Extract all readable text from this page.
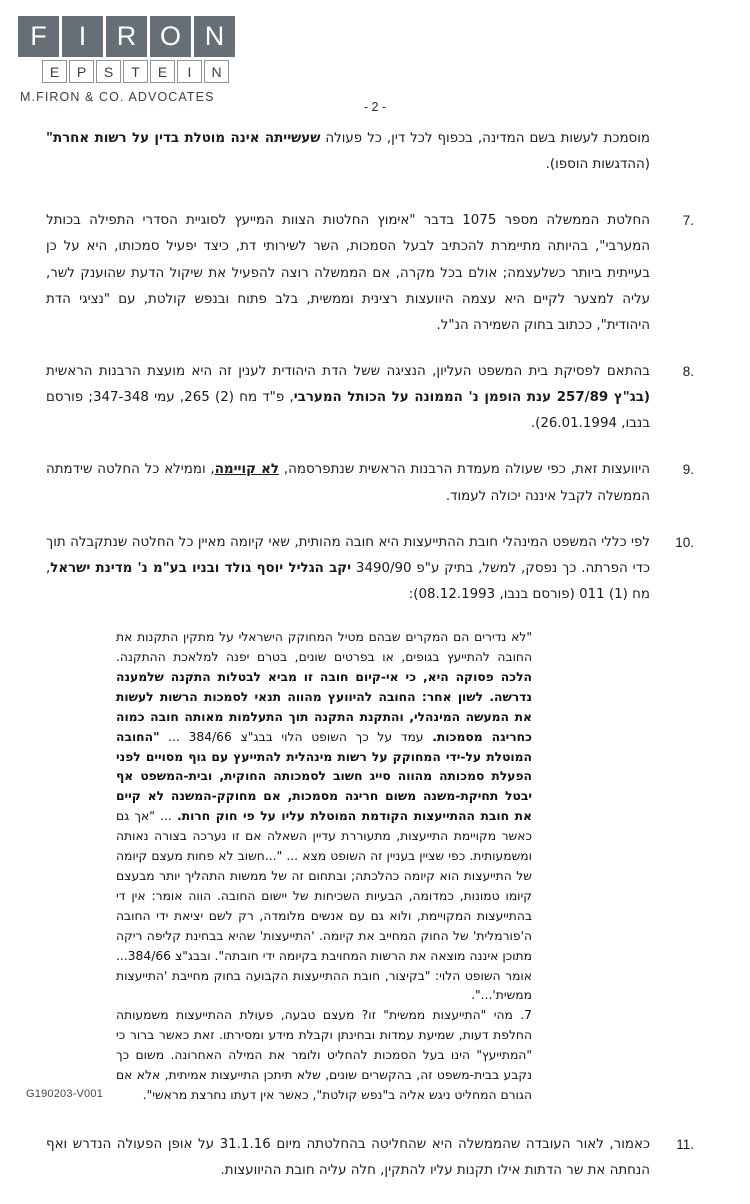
F	I	R O N
E	P	S	T	E	I	N
M.FIRON & CO. ADVOCATES
- 2 -

מוסמכת לעשות בשם המדינה, בכפוף לכל דין, כל פעולה שעשייתה אינה מוטלת בדין על רשות אחרת" (ההדגשות הוספו).

7.
החלטת הממשלה מספר 1075 בדבר "אימוץ החלטות הצוות המייעץ לסוגיית הסדרי התפילה בכותל המערבי", בהיותה מתיימרת להכתיב לבעל הסמכות, השר לשירותי דת, כיצד יפעיל סמכותו, היא על כן בעייתית ביותר כשלעצמה; אולם בכל מקרה, אם הממשלה רוצה להפעיל את שיקול הדעת שהוענק לשר, עליה למצער לקיים היא עצמה היוועצות רצינית וממשית, בלב פתוח ובנפש קולטת, עם "נציגי הדת היהודית", ככתוב בחוק השמירה הנ"ל.
8.
בהתאם לפסיקת בית המשפט העליון, הנציגה ששל הדת היהודית לענין זה היא מועצת הרבנות הראשית (בג"ץ 257/89 ענת הופמן נ' הממונה על הכותל המערבי, פ"ד מח (2) 265, עמי 347-348; פורסם בנבו, 26.01.1994).
9.
היוועצות זאת, כפי שעולה מעמדת הרבנות הראשית שנתפרסמה, לא קויימה, וממילא כל החלטה שידמתה הממשלה לקבל איננה יכולה לעמוד.
10.
לפי כללי המשפט המינהלי חובת ההתייעצות היא חובה מהותית, שאי קיומה מאיין כל החלטה שנתקבלה תוך כדי הפרתה. כך נפסק, למשל, בתיק ע"פ 3490/90 יקב הגליל יוסף גולד ובניו בע"מ נ' מדינת ישראל, מח (1) 011 (פורסם בנבו, 08.12.1993):

"לא נדירים הם המקרים שבהם מטיל המחוקק הישראלי על מתקין התקנות את החובה להתייעץ בגופים, או בפרטים שונים, בטרם יפנה למלאכת ההתקנה. הלכה פסוקה היא, כי אי-קיום חובה זו מביא לבטלות התקנה שלמענה נדרשה. לשון אחר: החובה להיוועץ מהווה תנאי לסמכות הרשות לעשות את המעשה המינהלי, והתקנת התקנה תוך התעלמות מאותה חובה כמוה כחריגה מסמכות. עמד על כך השופט הלוי בבג"צ 384/66 ... "החובה המוטלת על-ידי המחוקק על רשות מינהלית להתייעץ עם גוף מסויים לפני הפעלת סמכותה מהווה סייג חשוב לסמכותה החוקית, ובית-המשפט אף יבטל תחיקת-משנה משום חריגה מסמכות, אם מחוקק-המשנה לא קיים את חובת ההתייעצות הקודמת המוטלת עליו על פי חוק חרות. ... "אך גם כאשר מקויימת התייעצות, מתעוררת עדיין השאלה אם זו נערכה בצורה נאותה ומשמעותית. כפי שציין בעניין זה השופט מצא ... "...חשוב לא פחות מעצם קיומה של התייעצות הוא קיומה כהלכתה; ובתחום זה של ממשות התהליך יותר מבעצם קיומו טמונות, כמדומה, הבעיות השכיחות של יישום החובה. הווה אומר: אין די בהתייעצות המקויימת, ולוא גם עם אנשים מלומדה, רק לשם יציאת ידי החובה ה'פורמלית' של החוק המחייב את קיומה. 'התייעצות' שהיא בבחינת קליפה ריקה מתוכן איננה מוצאה את הרשות המחויבת בקיומה ידי חובתה". ובבג"צ 384/66... אומר השופט הלוי: "בקיצור, חובת ההתייעצות הקבועה בחוק מחייבת 'התייעצות ממשית'...".

7. מהי "התייעצות ממשית" זו? מעצם טבעה, פעולת ההתייעצות משמעותה החלפת דעות, שמיעת עמדות ובחינתן וקבלת מידע ומסירתו. זאת כאשר ברור כי "המתייעץ" הינו בעל הסמכות להחליט ולומר את המילה האחרונה. משום כך נקבע בבית-משפט זה, בהקשרים שונים, שלא תיתכן התייעצות אמיתית, אלא אם הגורם המחליט ניגש אליה ב"נפש קולטת", כאשר אין דעתו נחרצת מראשי".

11.
כאמור, לאור העובדה שהממשלה היא שהחליטה בהחלטתה מיום 31.1.16 על אופן הפעולה הנדרש ואף הנחתה את שר הדתות אילו תקנות עליו להתקין, חלה עליה חובת ההיוועצות.
G190203-V001
